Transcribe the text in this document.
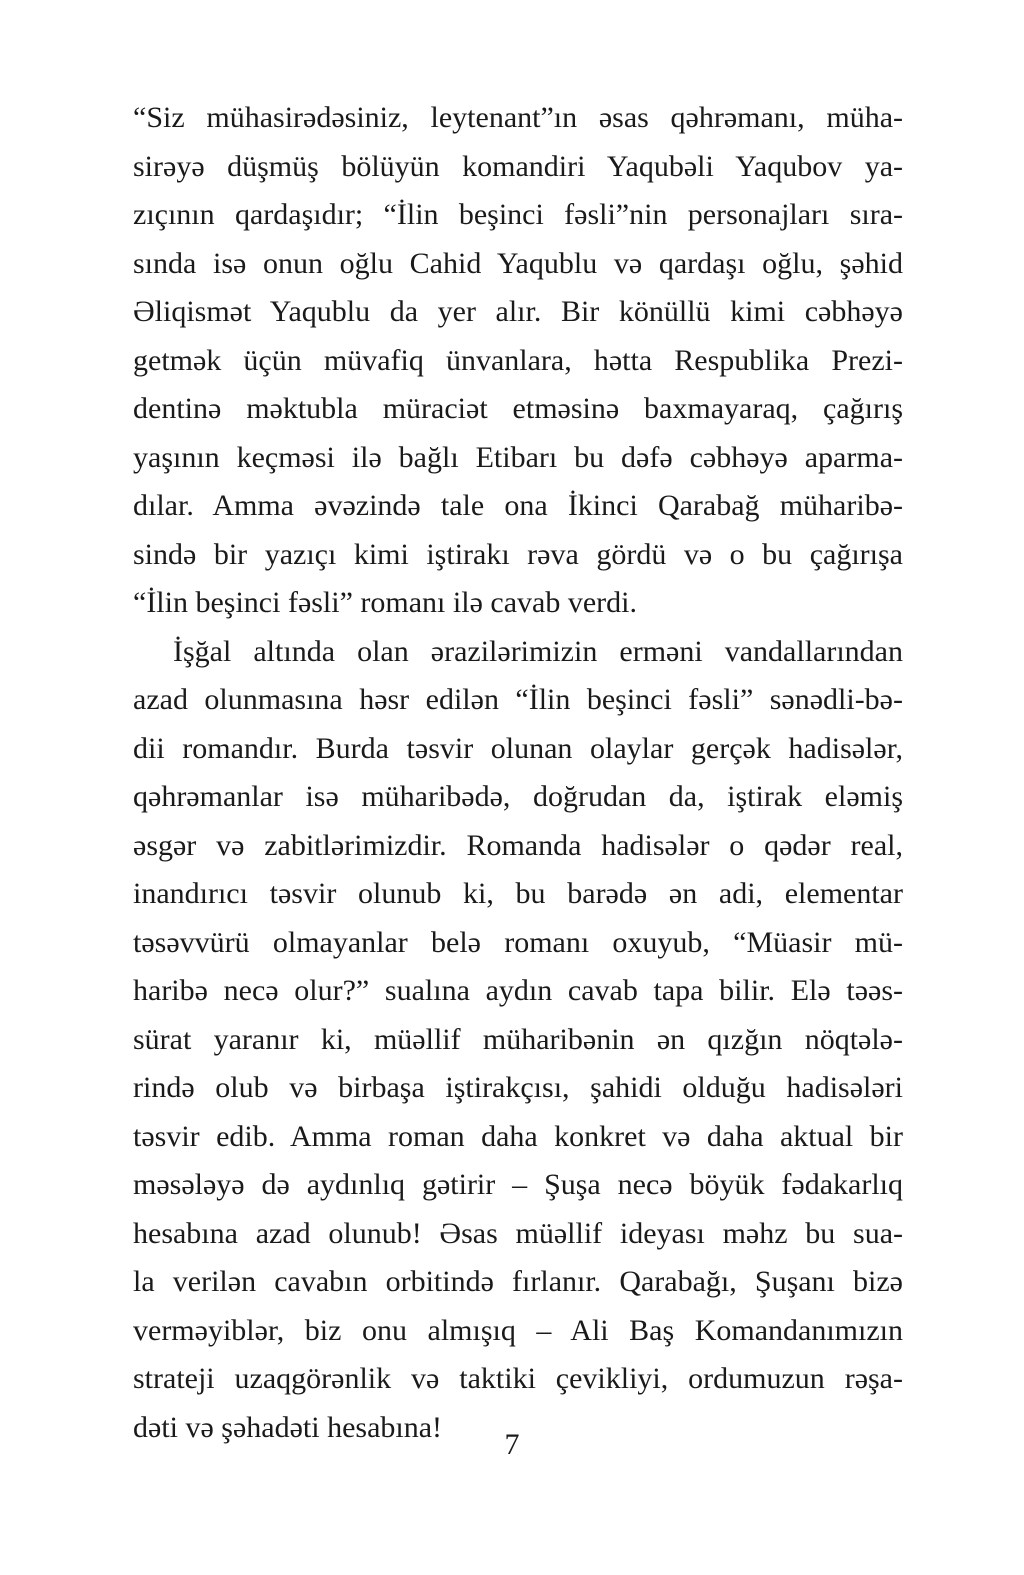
“Siz mühasirədəsiniz, leytenant”ın əsas qəhrəmanı, müha-
sirəyə düşmüş bölüyün komandiri Yaqubəli Yaqubov ya-
zıçının qardaşıdır; “İlin beşinci fəsli”nin personajları sıra-
sında isə onun oğlu Cahid Yaqublu və qardaşı oğlu, şəhid
Əliqismət Yaqublu da yer alır. Bir könüllü kimi cəbhəyə
getmək üçün müvafiq ünvanlara, hətta Respublika Prezi-
dentinə məktubla müraciət etməsinə baxmayaraq, çağırış
yaşının keçməsi ilə bağlı Etibarı bu dəfə cəbhəyə aparma-
dılar. Amma əvəzində tale ona İkinci Qarabağ müharibə-
sində bir yazıçı kimi iştirakı rəva gördü və o bu çağırışa
“İlin beşinci fəsli” romanı ilə cavab verdi.
İşğal altında olan ərazilərimizin erməni vandallarından
azad olunmasına həsr edilən “İlin beşinci fəsli” sənədli-bə-
dii romandır. Burda təsvir olunan olaylar gerçək hadisələr,
qəhrəmanlar isə müharibədə, doğrudan da, iştirak eləmiş
əsgər və zabitlərimizdir. Romanda hadisələr o qədər real,
inandırıcı təsvir olunub ki, bu barədə ən adi, elementar
təsəvvürü olmayanlar belə romanı oxuyub, “Müasir mü-
haribə necə olur?” sualına aydın cavab tapa bilir. Elə təəs-
sürat yaranır ki, müəllif müharibənin ən qızğın nöqtələ-
rində olub və birbaşa iştirakçısı, şahidi olduğu hadisələri
təsvir edib. Amma roman daha konkret və daha aktual bir
məsələyə də aydınlıq gətirir – Şuşa necə böyük fədakarlıq
hesabına azad olunub! Əsas müəllif ideyası məhz bu sua-
la verilən cavabın orbitində fırlanır. Qarabağı, Şuşanı bizə
verməyiblər, biz onu almışıq – Ali Baş Komandanımızın
strateji uzaqgörənlik və taktiki çevikliyi, ordumuzun rəşa-
dəti və şəhadəti hesabına!
7
